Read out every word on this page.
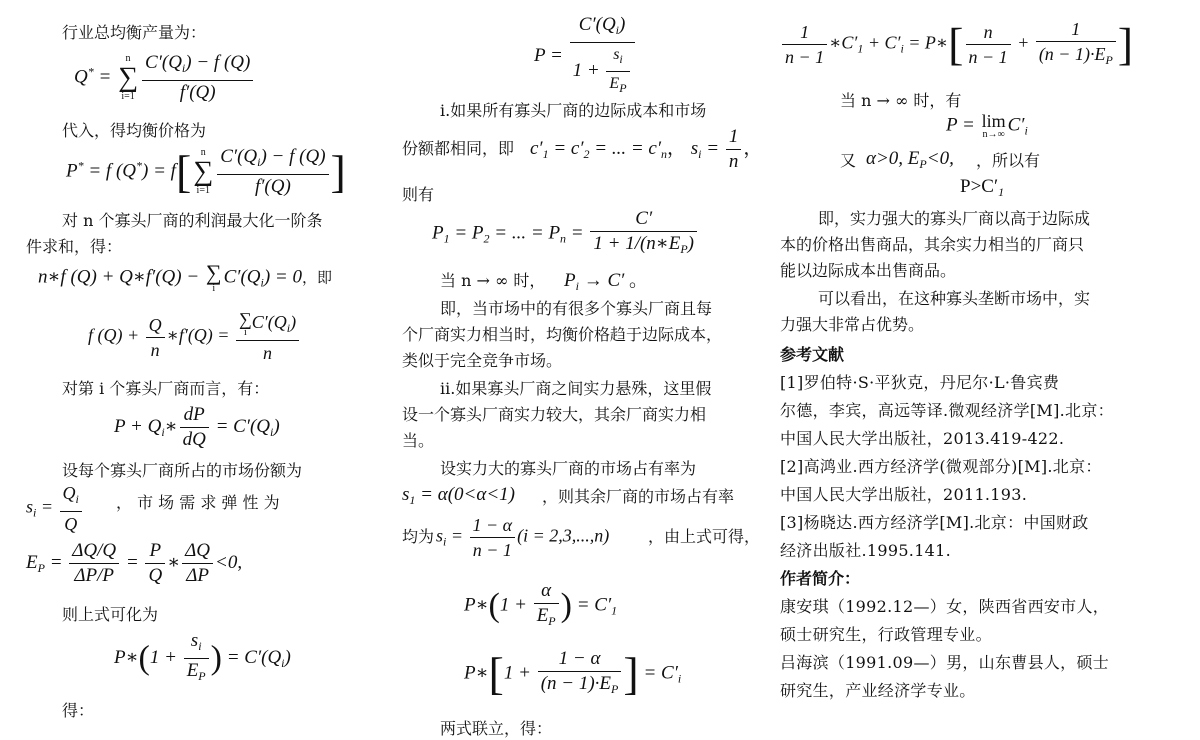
行业总均衡产量为：
Q* =
n
∑
$i=1 \frac{C'(Q_i) - f (Q)}{f'(Q)}$
代入，得均衡价格为
P* = f (Q*) = f[ n
∑
$i=1 \frac{C'(Q_i) - f (Q)}{f'(Q)}$ ]
对 n 个寡头厂商的利润最大化一阶条
件求和，得：
n∗f (Q) + Q∗f′(Q) − ∑
i
$C'(Q_i) = 0$，即
f $(Q) + \frac{Q}{n}$ ∗f′(Q) = ∑
i
$C'(Q_i)$
n
对第 i 个寡头厂商而言，有：
$P + Q_i∗ \frac{dP}{dQ} = C'(Q_i)$
设每个寡头厂商所占的市场份额为
$s_i = \frac{Q_i}{Q}$ ， 市 场 需 求 弹 性 为
$E_P = \frac{\Delta Q/Q}{\Delta P/P} = \frac{P}{Q}$ ∗ $\frac{\Delta Q}{\Delta P} <0$,
则上式可化为
P∗(1 + $\frac{s_i}{E_P}$ ) = $C'(Q_i)$
得：
$P = \frac{C'(Q_i)}{1 + \frac{s_i}{E_P}}$
i.如果所有寡头厂商的边际成本和市场
份额都相同，即 $c'_1 = c'_2$ = ... = $c'_n$， $s_i = \frac{1}{n}$ ，
则有
$P_1 = P_2$ = ... = $P_n = \frac{C'}{1 + 1/(n∗E_P)}$
当 n → ∞ 时， $P_i \to C'$ 。
即，当市场中的有很多个寡头厂商且每
个厂商实力相当时，均衡价格趋于边际成本，
类似于完全竞争市场。
ii.如果寡头厂商之间实力悬殊，这里假
设一个寡头厂商实力较大，其余厂商实力相
当。
设实力大的寡头厂商的市场占有率为
$s_1 = \alpha(0<\alpha<1)$ ，则其余厂商的市场占有率
均为 $s_i = \frac{1 - \alpha}{n - 1} (i = 2,3,...,n)$ ，由上式可得，
P∗(1 + $\frac{\alpha}{E_P}$ ) = $C'_1$
P∗[1 + $\frac{1 - \alpha}{(n - 1)\cdot E_P}$ ] = $C'_i$
两式联立，得：
$\frac{1}{n - 1}$ $∗C'_1 + C'_i$ = P∗[ $\frac{n}{n - 1} + \frac{1}{(n - 1)\cdot E_P}$ ]
当 n → ∞ 时，有
P = lim
n→∞ $C'_i$
又 α>0, $E_P<0$, ，所以有
$P>C'_1$
即，实力强大的寡头厂商以高于边际成
本的价格出售商品，其余实力相当的厂商只
能以边际成本出售商品。
可以看出，在这种寡头垄断市场中，实
力强大非常占优势。
参考文献
[1]罗伯特·S·平狄克，丹尼尔·L·鲁宾费
尔德，李宾，高远等译.微观经济学[M].北京：
中国人民大学出版社，2013.419-422.
[2]高鸿业.西方经济学(微观部分)[M].北京：
中国人民大学出版社，2011.193.
[3]杨晓达.西方经济学[M].北京：中国财政
经济出版社.1995.141.
作者简介：
康安琪（1992.12—）女，陕西省西安市人，
硕士研究生，行政管理专业。
吕海滨（1991.09—）男，山东曹县人，硕士
研究生，产业经济学专业。
